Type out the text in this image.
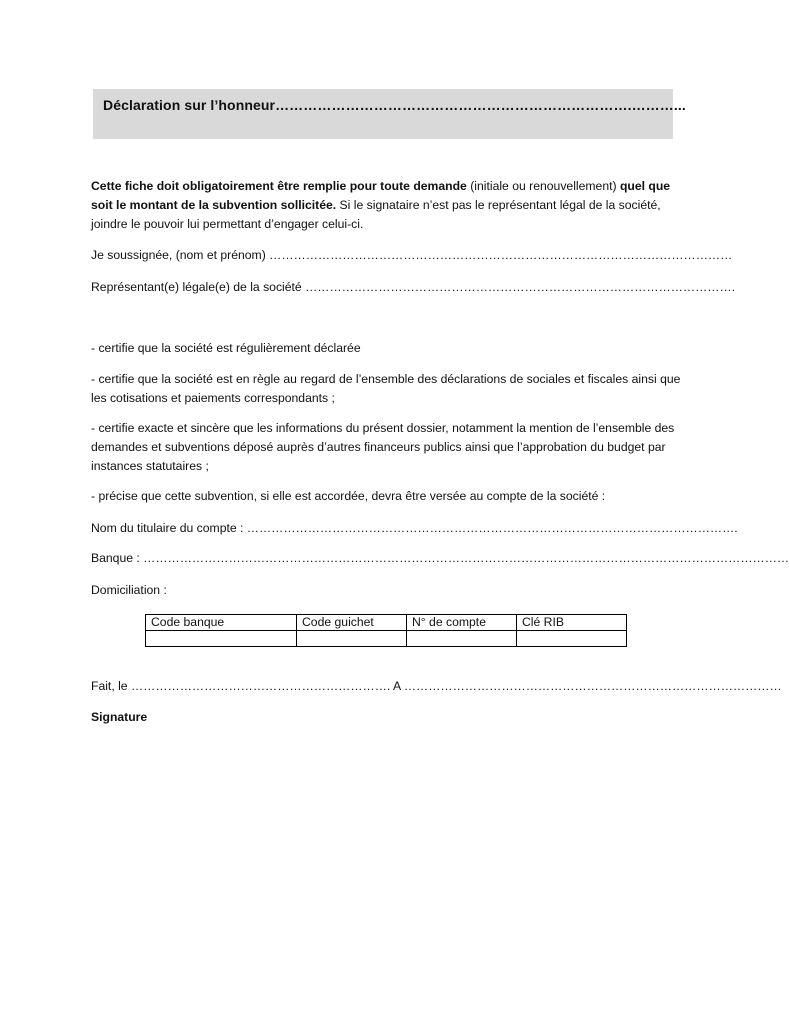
Déclaration sur l’honneur………………………………………………………………….………...
Cette fiche doit obligatoirement être remplie pour toute demande (initiale ou renouvellement) quel que soit le montant de la subvention sollicitée. Si le signataire n’est pas le représentant légal de la société, joindre le pouvoir lui permettant d’engager celui-ci.
Je soussignée, (nom et prénom) ……………………………………………………………………………………………………
Représentant(e) légale(e) de la société …………………………………………………………………………………………….
- certifie que la société est régulièrement déclarée
- certifie que la société est en règle au regard de l’ensemble des déclarations de sociales et fiscales ainsi que les cotisations et paiements correspondants ;
- certifie exacte et sincère que les informations du présent dossier, notamment la mention de l’ensemble des demandes et subventions déposé auprès d’autres financeurs publics ainsi que l’approbation du budget par instances statutaires ;
- précise que cette subvention, si elle est accordée, devra être versée au compte de la société :
Nom du titulaire du compte : ………………………………………………………………………………………………………….
Banque : ……………………………………………………………………………………………………………………………………………
Domiciliation :
Code banque	Code guichet	N° de compte	Clé RIB

Fait, le ………………………………………………………. A …………………………………………………………………………………
Signature
